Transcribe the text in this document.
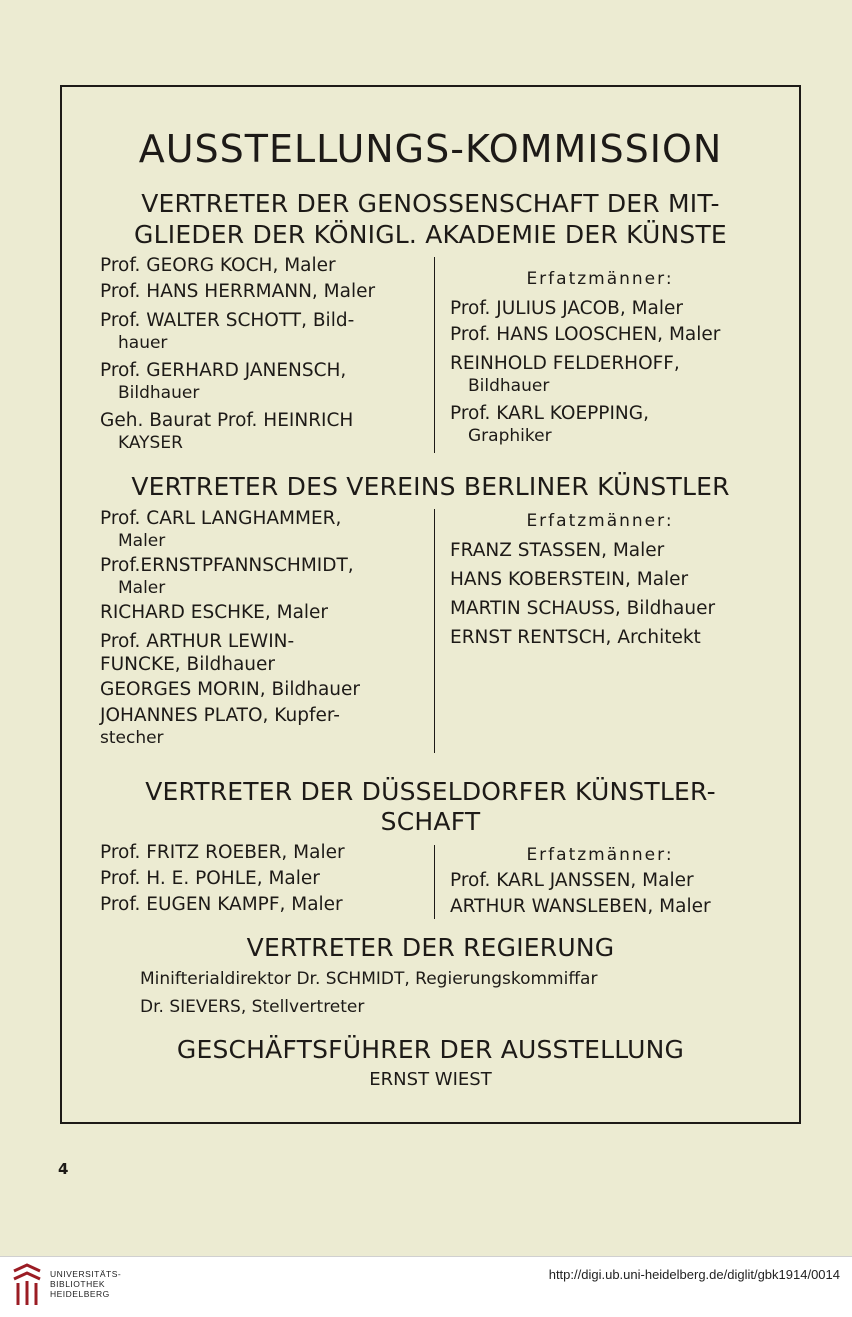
AUSSTELLUNGS-KOMMISSION
VERTRETER DER GENOSSENSCHAFT DER MIT-
GLIEDER DER KÖNIGL. AKADEMIE DER KÜNSTE
Prof. GEORG KOCH, Maler
Prof. HANS HERRMANN, Maler
Prof. WALTER SCHOTT, Bild-
hauer
Prof. GERHARD JANENSCH,
Bildhauer
Geh. Baurat Prof. HEINRICH
KAYSER
Erfatzmänner:
Prof. JULIUS JACOB, Maler
Prof. HANS LOOSCHEN, Maler
REINHOLD FELDERHOFF,
Bildhauer
Prof. KARL KOEPPING,
Graphiker
VERTRETER DES VEREINS BERLINER KÜNSTLER
Prof. CARL LANGHAMMER,
Maler
Prof.ERNSTPFANNSCHMIDT,
Maler
RICHARD ESCHKE, Maler
Prof. ARTHUR LEWIN-
FUNCKE, Bildhauer
GEORGES MORIN, Bildhauer
JOHANNES PLATO, Kupfer-
stecher
Erfatzmänner:
FRANZ STASSEN, Maler
HANS KOBERSTEIN, Maler
MARTIN SCHAUSS, Bildhauer
ERNST RENTSCH, Architekt
VERTRETER DER DÜSSELDORFER KÜNSTLER-
SCHAFT
Prof. FRITZ ROEBER, Maler
Prof. H. E. POHLE, Maler
Prof. EUGEN KAMPF, Maler
Erfatzmänner:
Prof. KARL JANSSEN, Maler
ARTHUR WANSLEBEN, Maler
VERTRETER DER REGIERUNG
Minifterialdirektor Dr. SCHMIDT, Regierungskommiffar
Dr. SIEVERS, Stellvertreter
GESCHÄFTSFÜHRER DER AUSSTELLUNG
ERNST WIEST
4
UNIVERSITÄTS-
BIBLIOTHEK
HEIDELBERG
http://digi.ub.uni-heidelberg.de/diglit/gbk1914/0014
